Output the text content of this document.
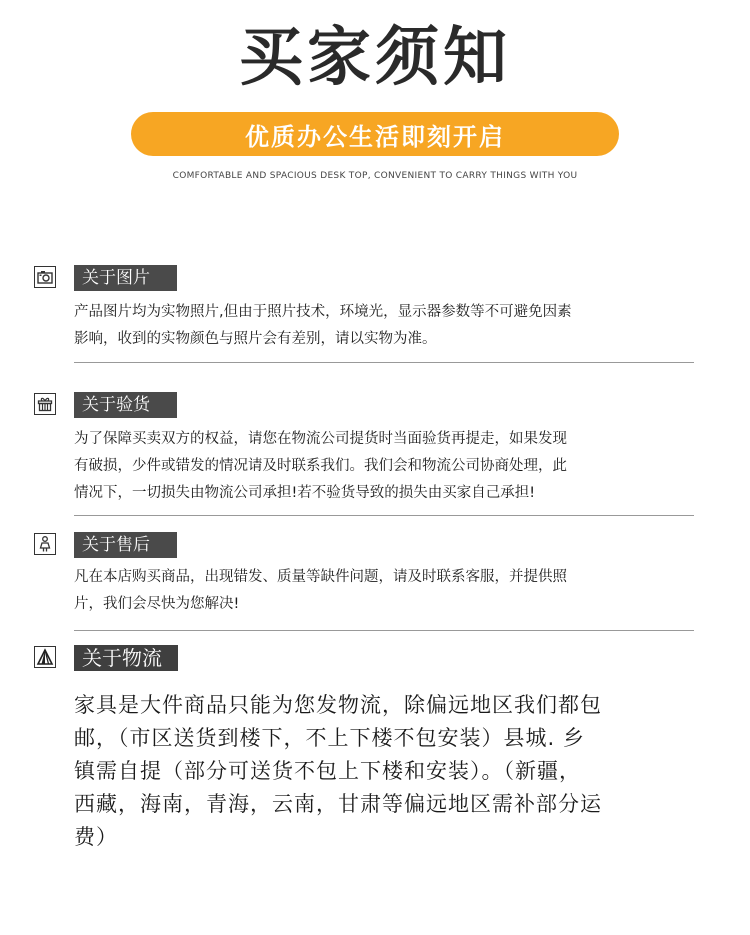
买家须知
优质办公生活即刻开启
COMFORTABLE AND SPACIOUS DESK TOP, CONVENIENT TO CARRY THINGS WITH YOU
关于图片
产品图片均为实物照片,但由于照片技术，环境光，显示器参数等不可避免因素
影响，收到的实物颜色与照片会有差别，请以实物为准。
关于验货
为了保障买卖双方的权益，请您在物流公司提货时当面验货再提走，如果发现
有破损，少件或错发的情况请及时联系我们。我们会和物流公司协商处理，此
情况下，一切损失由物流公司承担!若不验货导致的损失由买家自己承担!
关于售后
凡在本店购买商品，出现错发、质量等缺件问题，请及时联系客服，并提供照
片，我们会尽快为您解决!
关于物流
家具是大件商品只能为您发物流，除偏远地区我们都包
邮，（市区送货到楼下，不上下楼不包安装）县城. 乡
镇需自提（部分可送货不包上下楼和安装）。（新疆，
西藏，海南，青海，云南，甘肃等偏远地区需补部分运
费）
